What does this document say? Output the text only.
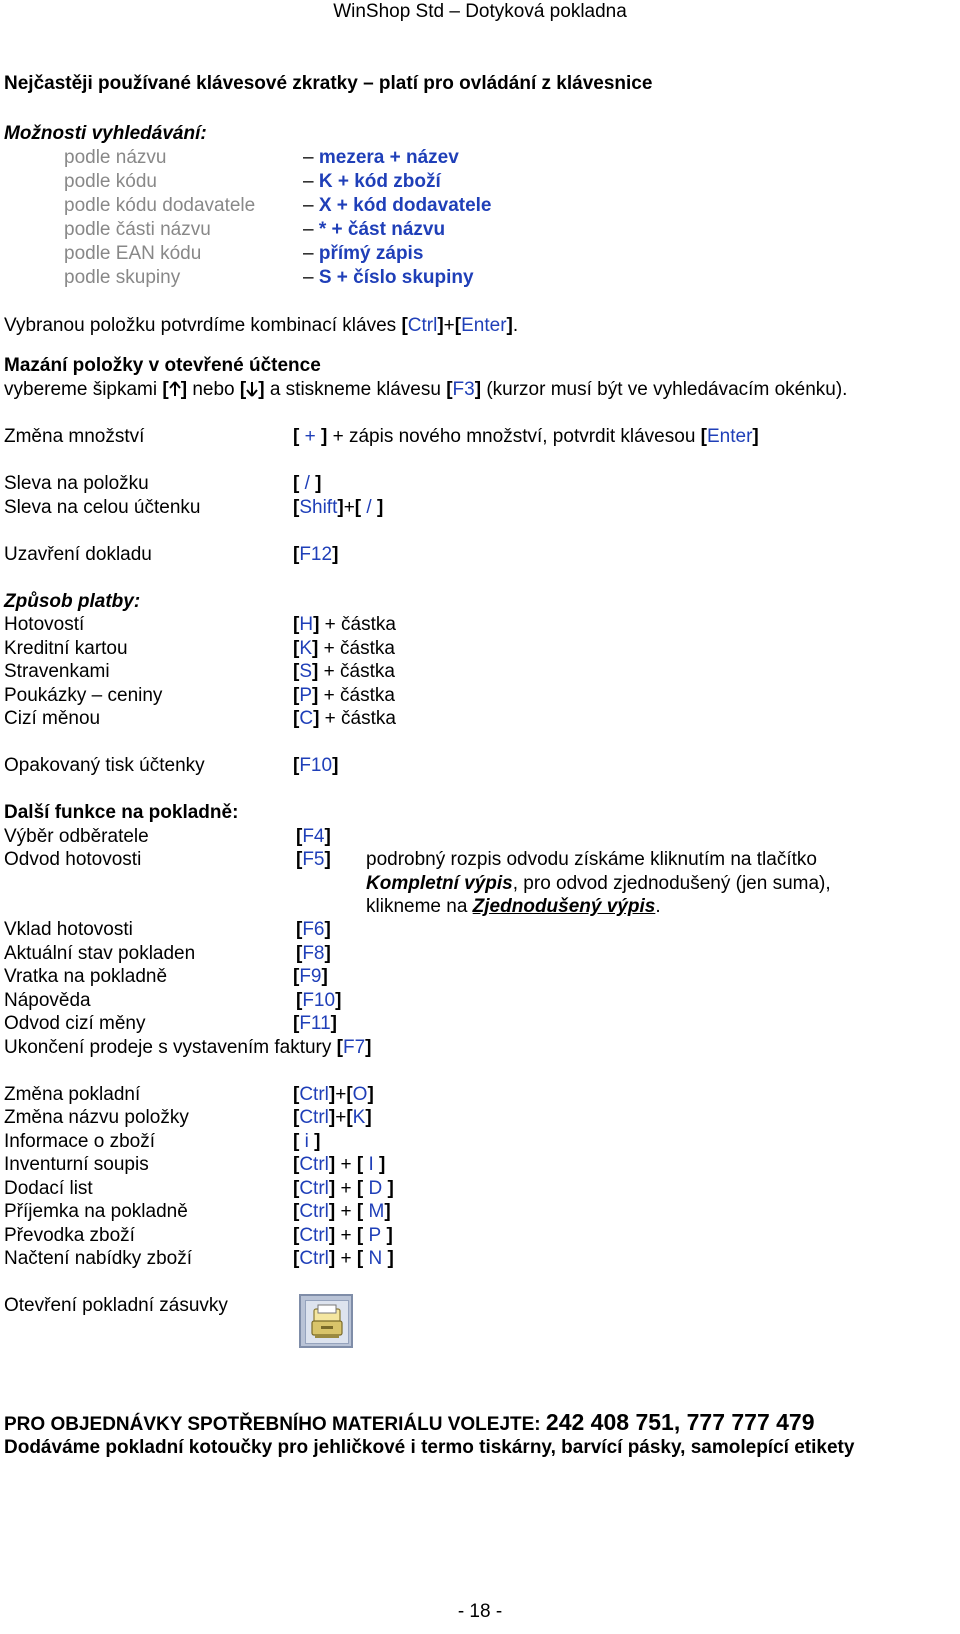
WinShop Std – Dotyková pokladna
Nejčastěji používané klávesové zkratky – platí pro ovládání z klávesnice
Možnosti vyhledávání:
podle názvu	– mezera + název
podle kódu	– K + kód zboží
podle kódu dodavatele	– X + kód dodavatele
podle části názvu	– * + část názvu
podle EAN kódu	– přímý zápis
podle skupiny	– S + číslo skupiny
Vybranou položku potvrdíme kombinací kláves [Ctrl]+[Enter].
Mazání položky v otevřené účtence
vybereme šipkami [ ] nebo [ ] a stiskneme klávesu [F3] (kurzor musí být ve vyhledávacím okénku).
Změna množství	[ + ] + zápis nového množství, potvrdit klávesou [Enter]
Sleva na položku	[ / ]
Sleva na celou účtenku	[Shift]+[ / ]
Uzavření dokladu	[F12]
Způsob platby:
Hotovostí	[H] + částka
Kreditní kartou	[K] + částka
Stravenkami	[S] + částka
Poukázky – ceniny	[P] + částka
Cizí měnou	[C] + částka
Opakovaný tisk účtenky	[F10]
Další funkce na pokladně:
Výběr odběratele	[F4]
Odvod hotovosti	[F5] podrobný rozpis odvodu získáme kliknutím na tlačítko
Kompletní výpis, pro odvod zjednodušený (jen suma),
klikneme na Zjednodušený výpis.
Vklad hotovosti	[F6]
Aktuální stav pokladen	[F8]
Vratka na pokladně	[F9]
Nápověda	[F10]
Odvod cizí měny	[F11]
Ukončení prodeje s vystavením faktury [F7]
Změna pokladní	[Ctrl]+[O]
Změna názvu položky	[Ctrl]+[K]
Informace o zboží	[ i ]
Inventurní soupis	[Ctrl] + [ I ]
Dodací list	[Ctrl] + [ D ]
Příjemka na pokladně	[Ctrl] + [ M]
Převodka zboží	[Ctrl] + [ P ]
Načtení nabídky zboží	[Ctrl] + [ N ]
Otevření pokladní zásuvky
PRO OBJEDNÁVKY SPOTŘEBNÍHO MATERIÁLU VOLEJTE: 242 408 751, 777 777 479
Dodáváme pokladní kotoučky pro jehličkové i termo tiskárny, barvící pásky, samolepící etikety
- 18 -
